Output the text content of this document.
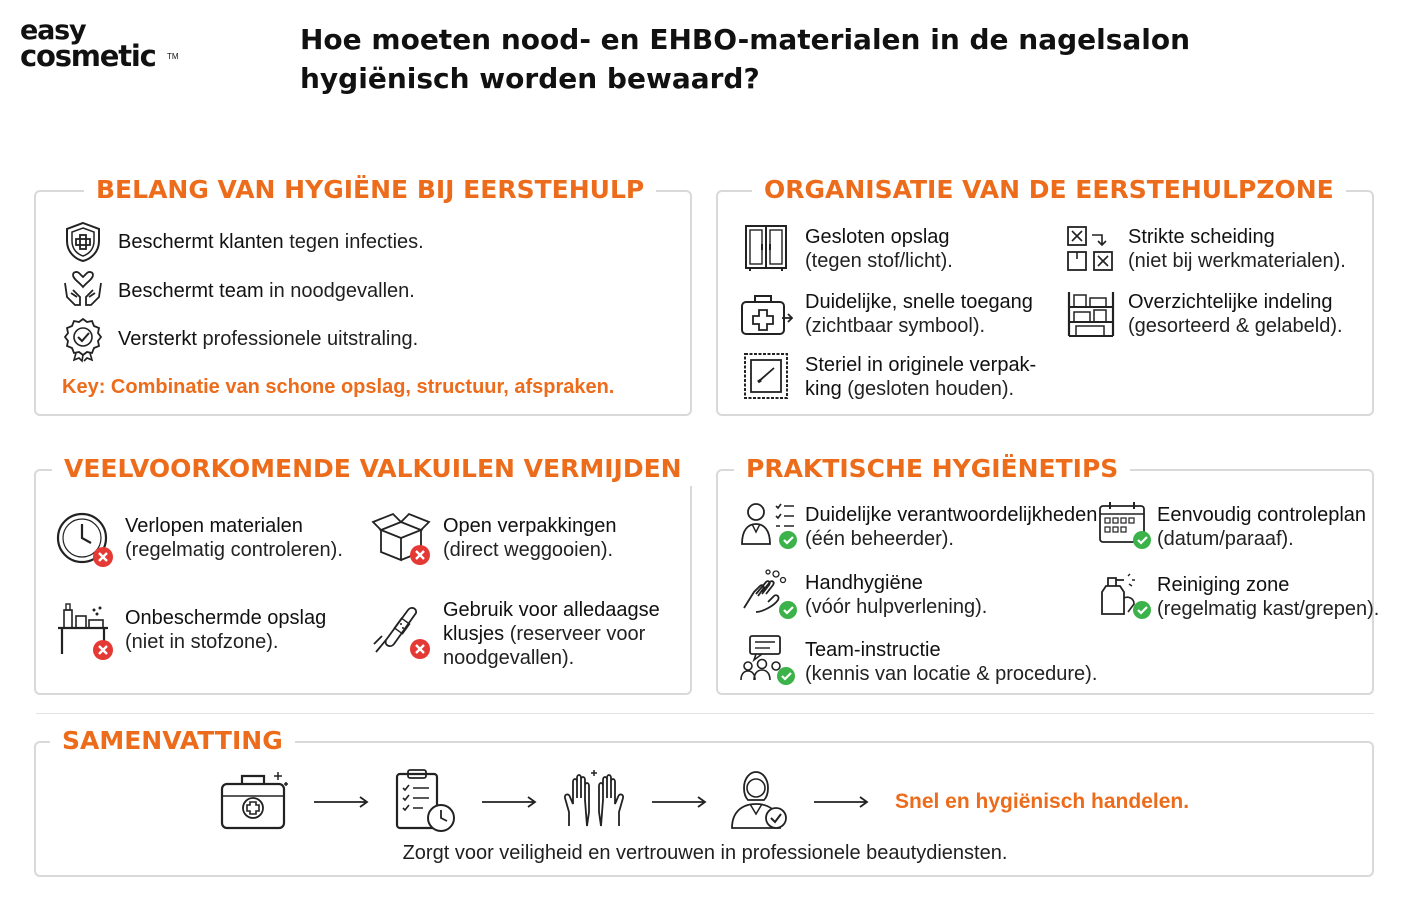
easy
cosmetic TM
Hoe moeten nood- en EHBO-materialen in de nagelsalon
hygiënisch worden bewaard?
BELANG VAN HYGIËNE BIJ EERSTEHULP
Beschermt klanten tegen infecties.
Beschermt team in noodgevallen.
Versterkt professionele uitstraling.
Key: Combinatie van schone opslag, structuur, afspraken.
ORGANISATIE VAN DE EERSTEHULPZONE
Gesloten opslag
(tegen stof/licht).
Strikte scheiding
(niet bij werkmaterialen).
Duidelijke, snelle toegang
(zichtbaar symbool).
Overzichtelijke indeling
(gesorteerd & gelabeld).
Steriel in originele verpak-
king (gesloten houden).
VEELVOORKOMENDE VALKUILEN VERMIJDEN
Verlopen materialen
(regelmatig controleren).
Open verpakkingen
(direct weggooien).
Onbeschermde opslag
(niet in stofzone).
Gebruik voor alledaagse
klusjes (reserveer voor
noodgevallen).
PRAKTISCHE HYGIËNETIPS
Duidelijke verantwoordelijkheden
(één beheerder).
Eenvoudig controleplan
(datum/paraaf).
Handhygiëne
(vóór hulpverlening).
Reiniging zone
(regelmatig kast/grepen).
Team-instructie
(kennis van locatie & procedure).
SAMENVATTING
Snel en hygiënisch handelen.
Zorgt voor veiligheid en vertrouwen in professionele beautydiensten.
